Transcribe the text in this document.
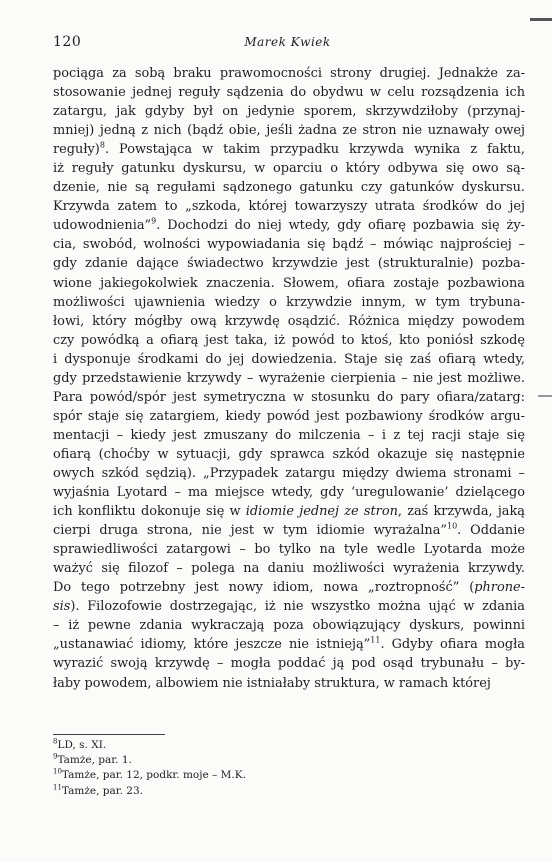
120	Marek Kwiek
pociąga za sobą braku prawomocności strony drugiej. Jednakże za-
stosowanie jednej reguły sądzenia do obydwu w celu rozsądzenia ich
zatargu, jak gdyby był on jedynie sporem, skrzywdziłoby (przynaj-
mniej) jedną z nich (bądź obie, jeśli żadna ze stron nie uznawały owej
reguły)$^8$. Powstająca w takim przypadku krzywda wynika z faktu,
iż reguły gatunku dyskursu, w oparciu o który odbywa się owo są-
dzenie, nie są regułami sądzonego gatunku czy gatunków dyskursu.
Krzywda zatem to „szkoda, której towarzyszy utrata środków do jej
udowodnienia”$^9$. Dochodzi do niej wtedy, gdy ofiarę pozbawia się ży-
cia, swobód, wolności wypowiadania się bądź – mówiąc najprościej –
gdy zdanie dające świadectwo krzywdzie jest (strukturalnie) pozba-
wione jakiegokolwiek znaczenia. Słowem, ofiara zostaje pozbawiona
możliwości ujawnienia wiedzy o krzywdzie innym, w tym trybuna-
łowi, który mógłby ową krzywdę osądzić. Różnica między powodem
czy powódką a ofiarą jest taka, iż powód to ktoś, kto poniósł szkodę
i dysponuje środkami do jej dowiedzenia. Staje się zaś ofiarą wtedy,
gdy przedstawienie krzywdy – wyrażenie cierpienia – nie jest możliwe.
Para powód/spór jest symetryczna w stosunku do pary ofiara/zatarg:
spór staje się zatargiem, kiedy powód jest pozbawiony środków argu-
mentacji – kiedy jest zmuszany do milczenia – i z tej racji staje się
ofiarą (choćby w sytuacji, gdy sprawca szkód okazuje się następnie
owych szkód sędzią). „Przypadek zatargu między dwiema stronami –
wyjaśnia Lyotard – ma miejsce wtedy, gdy ‘uregulowanie’ dzielącego
ich konfliktu dokonuje się w idiomie jednej ze stron, zaś krzywda, jaką
cierpi druga strona, nie jest w tym idiomie wyrażalna”$^{10}$. Oddanie
sprawiedliwości zatargowi – bo tylko na tyle wedle Lyotarda może
ważyć się filozof – polega na daniu możliwości wyrażenia krzywdy.
Do tego potrzebny jest nowy idiom, nowa „roztropność” (phrone-
sis). Filozofowie dostrzegając, iż nie wszystko można ująć w zdania
– iż pewne zdania wykraczają poza obowiązujący dyskurs, powinni
„ustanawiać idiomy, które jeszcze nie istnieją”$^{11}$. Gdyby ofiara mogła
wyrazić swoją krzywdę – mogła poddać ją pod osąd trybunału – by-
łaby powodem, albowiem nie istniałaby struktura, w ramach której
$^8$LD, s. XI.
$^9$Tamże, par. 1.
$^{10}$Tamże, par. 12, podkr. moje – M.K.
$^{11}$Tamże, par. 23.
